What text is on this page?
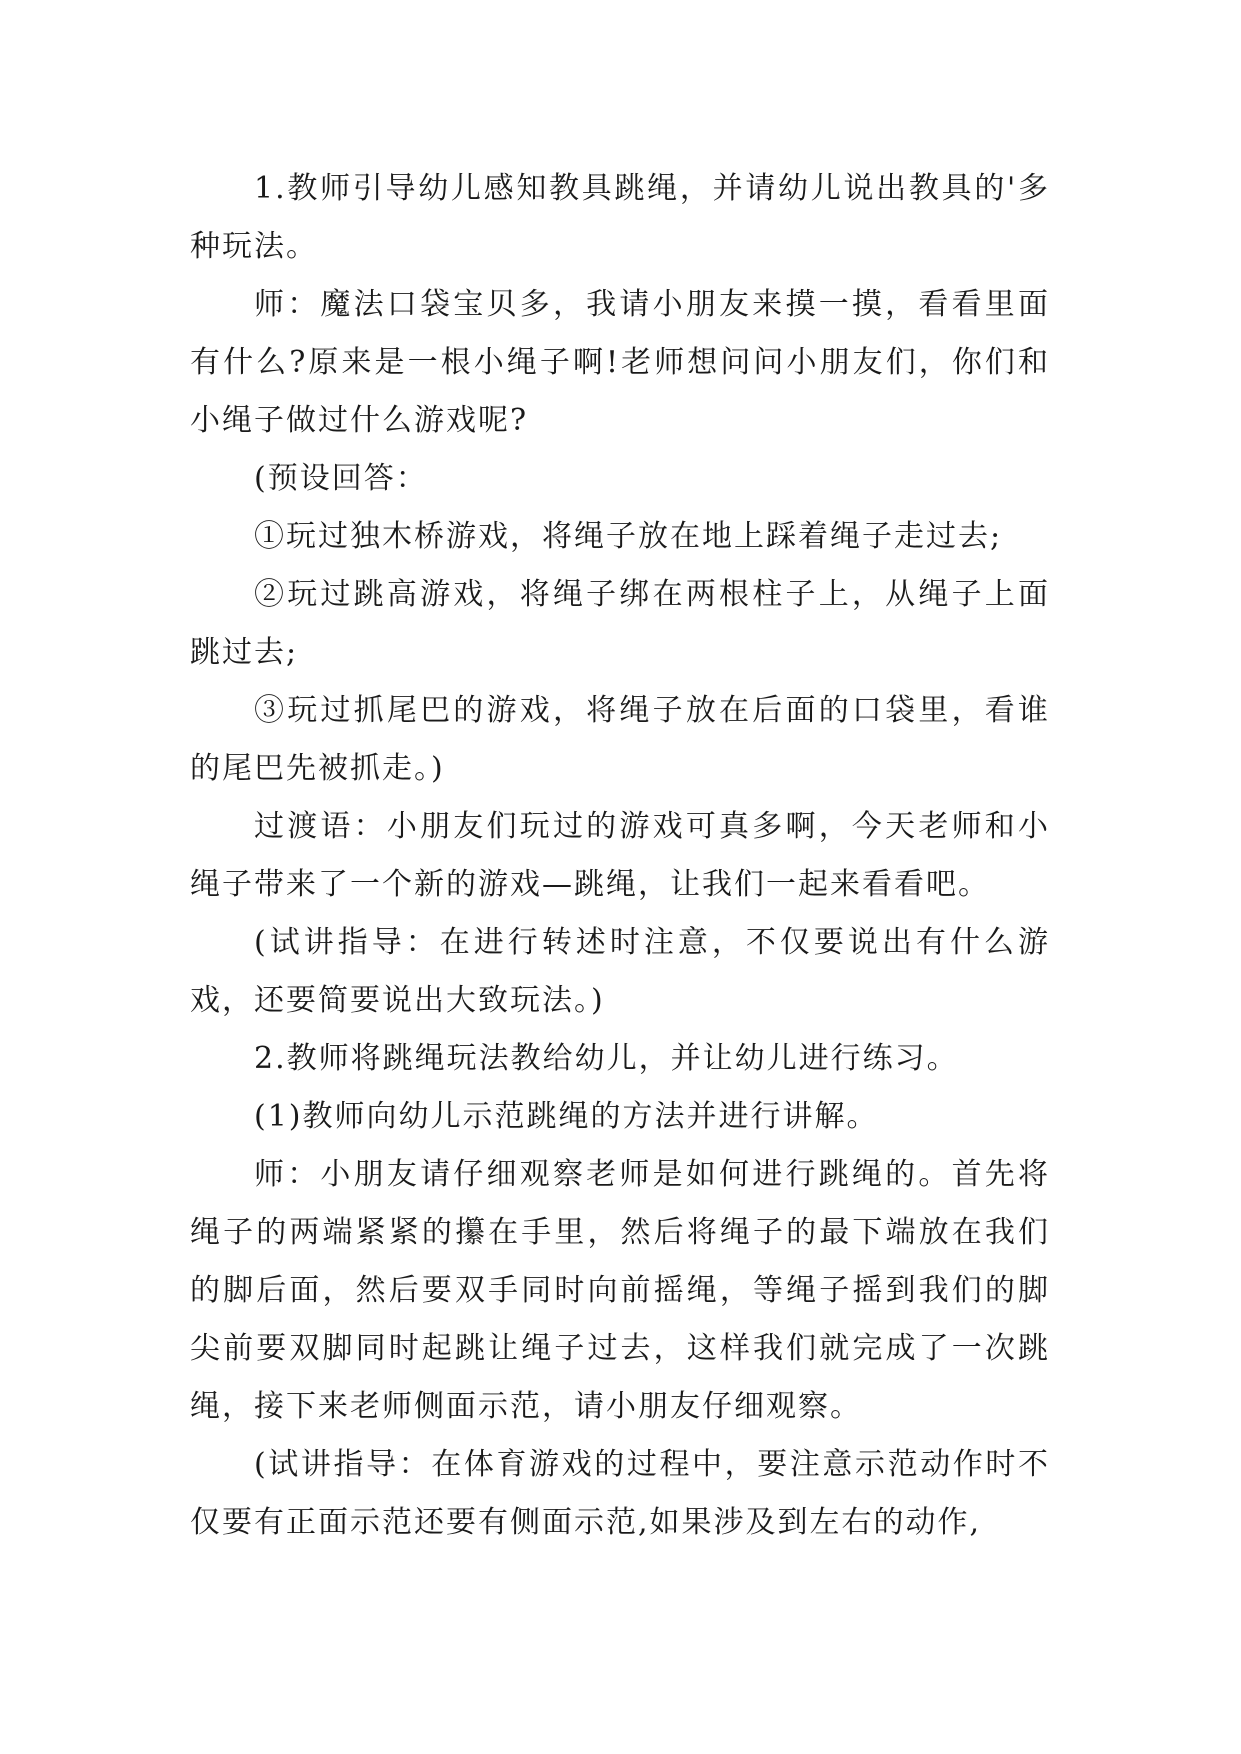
1.教师引导幼儿感知教具跳绳，并请幼儿说出教具的'多种玩法。

师：魔法口袋宝贝多，我请小朋友来摸一摸，看看里面有什么?原来是一根小绳子啊!老师想问问小朋友们，你们和小绳子做过什么游戏呢?

(预设回答：

①玩过独木桥游戏，将绳子放在地上踩着绳子走过去;

②玩过跳高游戏，将绳子绑在两根柱子上，从绳子上面跳过去;

③玩过抓尾巴的游戏，将绳子放在后面的口袋里，看谁的尾巴先被抓走。)

过渡语：小朋友们玩过的游戏可真多啊，今天老师和小绳子带来了一个新的游戏—跳绳，让我们一起来看看吧。

(试讲指导：在进行转述时注意，不仅要说出有什么游戏，还要简要说出大致玩法。)

2.教师将跳绳玩法教给幼儿，并让幼儿进行练习。

(1)教师向幼儿示范跳绳的方法并进行讲解。

师：小朋友请仔细观察老师是如何进行跳绳的。首先将绳子的两端紧紧的攥在手里，然后将绳子的最下端放在我们的脚后面，然后要双手同时向前摇绳，等绳子摇到我们的脚尖前要双脚同时起跳让绳子过去，这样我们就完成了一次跳绳，接下来老师侧面示范，请小朋友仔细观察。

(试讲指导：在体育游戏的过程中，要注意示范动作时不仅要有正面示范还要有侧面示范,如果涉及到左右的动作,
